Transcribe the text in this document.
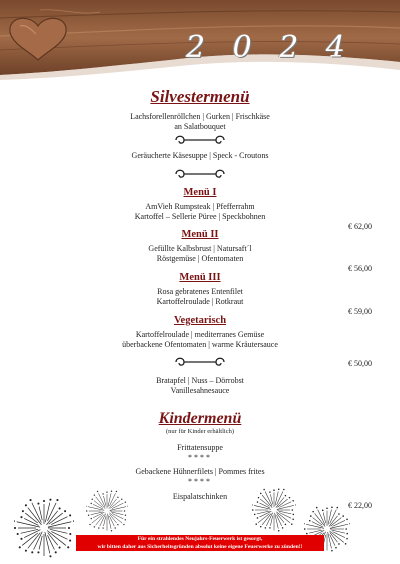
2 0 2 4
Silvestermenü
Lachsforellenröllchen | Gurken | Frischkäse
an Salatbouquet
Geräucherte Käsesuppe | Speck - Croutons
Menü I
AmVieh Rumpsteak | Pfefferrahm
Kartoffel – Sellerie Püree | Speckbohnen
€ 62,00
Menü II
Gefüllte Kalbsbrust | Natursaft´l
Röstgemüse | Ofentomaten
€ 56,00
Menü III
Rosa gebratenes Entenfilet
Kartoffelroulade | Rotkraut
€ 59,00
Vegetarisch
Kartoffelroulade | mediterranes Gemüse
überbackene Ofentomaten | warme Kräutersauce
€ 50,00
Bratapfel | Nuss – Dörrobst
Vanillesahnesauce
Kindermenü
(nur für Kinder erhältlich)
Frittatensuppe
****
Gebackene Hühnerfilets | Pommes frites
****
Eispalatschinken
€ 22,00
Für ein strahlendes Neujahrs-Feuerwerk ist gesorgt,
wir bitten daher aus Sicherheitsgründen absolut keine eigene Feuerwerke zu zünden!!
